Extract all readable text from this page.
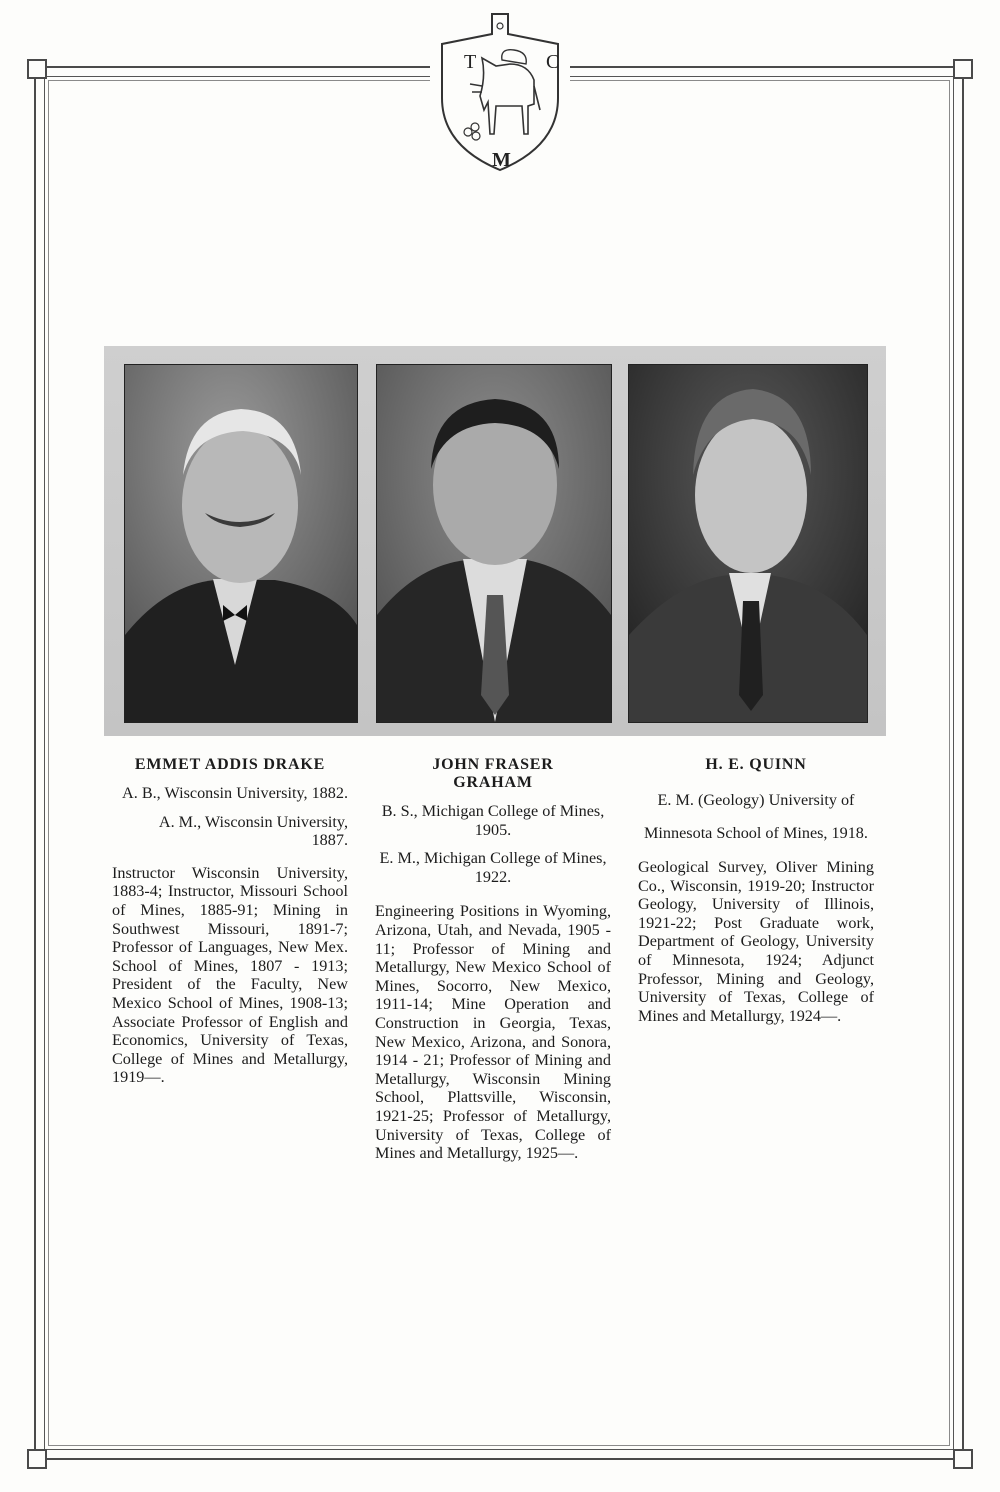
T	C
M

EMMET ADDIS DRAKE

A. B., Wisconsin University, 1882.

A. M., Wisconsin University, 1887.

Instructor Wisconsin University, 1883-4; Instructor, Missouri School of Mines, 1885-91; Mining in Southwest Missouri, 1891-7; Professor of Languages, New Mex. School of Mines, 1807 - 1913; President of the Faculty, New Mexico School of Mines, 1908-13; Associate Professor of English and Economics, University of Texas, College of Mines and Metallurgy, 1919—.

JOHN FRASER GRAHAM

B. S., Michigan College of Mines, 1905.

E. M., Michigan College of Mines, 1922.

Engineering Positions in Wyoming, Arizona, Utah, and Nevada, 1905 - 11; Professor of Mining and Metallurgy, New Mexico School of Mines, Socorro, New Mexico, 1911-14; Mine Operation and Construction in Georgia, Texas, New Mexico, Arizona, and Sonora, 1914 - 21; Professor of Mining and Metallurgy, Wisconsin Mining School, Plattsville, Wisconsin, 1921-25; Professor of Metallurgy, University of Texas, College of Mines and Metallurgy, 1925—.

H. E. QUINN

E. M. (Geology) University of Minnesota School of Mines, 1918.

Geological Survey, Oliver Mining Co., Wisconsin, 1919-20; Instructor Geology, University of Illinois, 1921-22; Post Graduate work, Department of Geology, University of Minnesota, 1924; Adjunct Professor, Mining and Geology, University of Texas, College of Mines and Metallurgy, 1924—.
